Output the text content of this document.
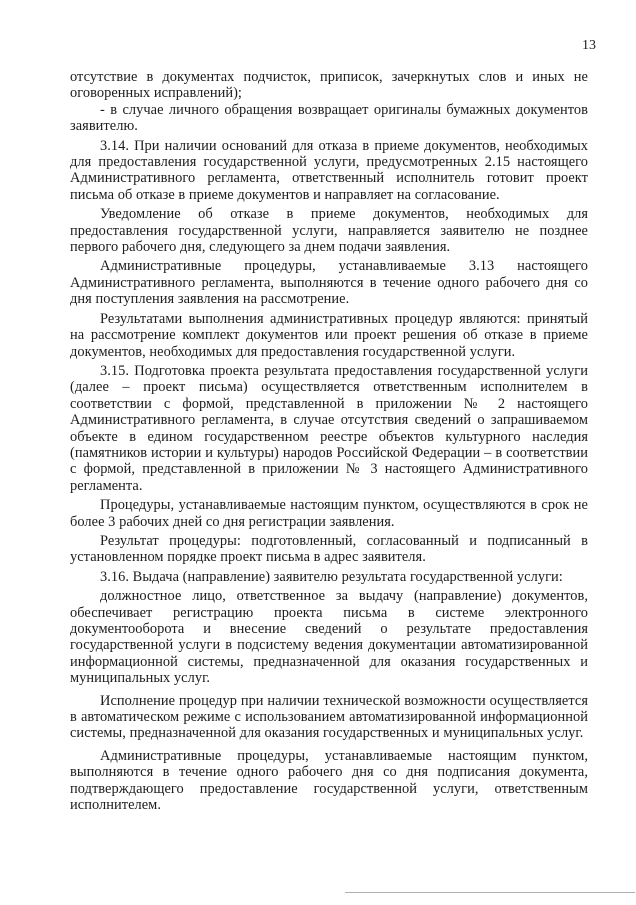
13

отсутствие в документах подчисток, приписок, зачеркнутых слов и иных не оговоренных исправлений);

- в случае личного обращения возвращает оригиналы бумажных документов заявителю.

3.14. При наличии оснований для отказа в приеме документов, необходимых для предоставления государственной услуги, предусмотренных 2.15 настоящего Административного регламента, ответственный исполнитель готовит проект письма об отказе в приеме документов и направляет на согласование.

Уведомление об отказе в приеме документов, необходимых для предоставления государственной услуги, направляется заявителю не позднее первого рабочего дня, следующего за днем подачи заявления.

Административные процедуры, устанавливаемые 3.13 настоящего Административного регламента, выполняются в течение одного рабочего дня со дня поступления заявления на рассмотрение.

Результатами выполнения административных процедур являются: принятый на рассмотрение комплект документов или проект решения об отказе в приеме документов, необходимых для предоставления государственной услуги.

3.15. Подготовка проекта результата предоставления государственной услуги (далее – проект письма) осуществляется ответственным исполнителем в соответствии с формой, представленной в приложении № 2 настоящего Административного регламента, в случае отсутствия сведений о запрашиваемом объекте в едином государственном реестре объектов культурного наследия (памятников истории и культуры) народов Российской Федерации – в соответствии с формой, представленной в приложении № 3 настоящего Административного регламента.

Процедуры, устанавливаемые настоящим пунктом, осуществляются в срок не более 3 рабочих дней со дня регистрации заявления.

Результат процедуры: подготовленный, согласованный и подписанный в установленном порядке проект письма в адрес заявителя.

3.16. Выдача (направление) заявителю результата государственной услуги:

должностное лицо, ответственное за выдачу (направление) документов, обеспечивает регистрацию проекта письма в системе электронного документооборота и внесение сведений о результате предоставления государственной услуги в подсистему ведения документации автоматизированной информационной системы, предназначенной для оказания государственных и муниципальных услуг.

Исполнение процедур при наличии технической возможности осуществляется в автоматическом режиме с использованием автоматизированной информационной системы, предназначенной для оказания государственных и муниципальных услуг.

Административные процедуры, устанавливаемые настоящим пунктом, выполняются в течение одного рабочего дня со дня подписания документа, подтверждающего предоставление государственной услуги, ответственным исполнителем.
